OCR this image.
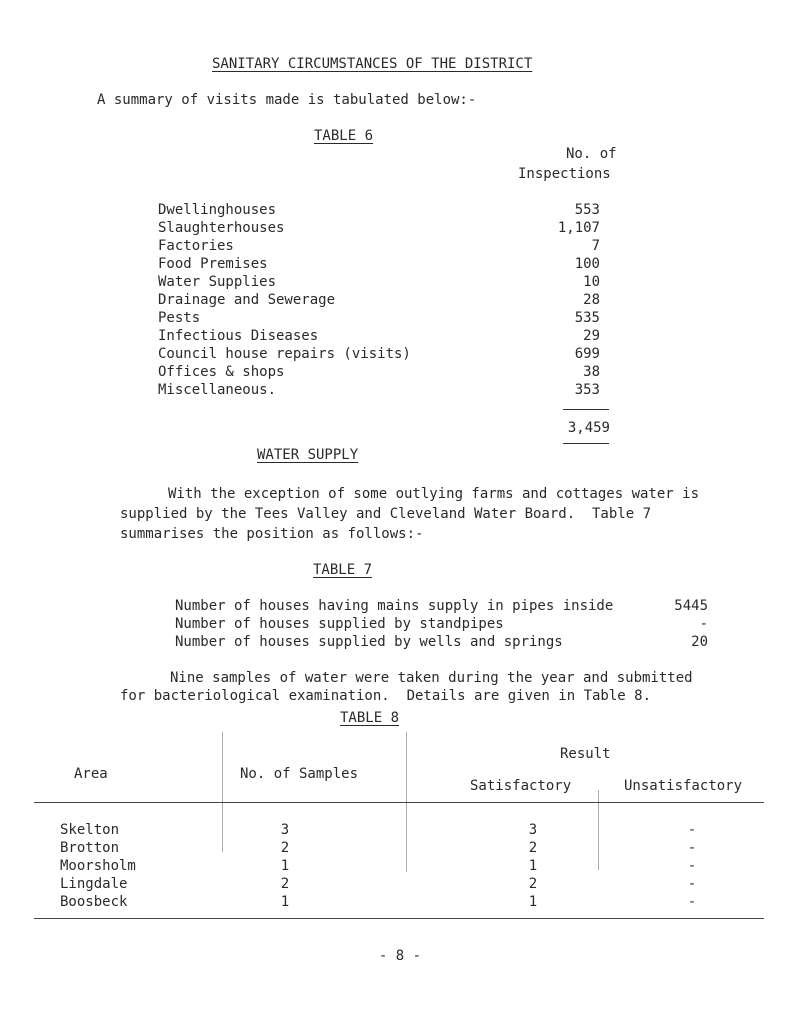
SANITARY CIRCUMSTANCES OF THE DISTRICT
A summary of visits made is tabulated below:-
TABLE 6
No. of
Inspections
Dwellinghouses	553
Slaughterhouses	1,107
Factories	7
Food Premises	100
Water Supplies	10
Drainage and Sewerage	28
Pests	535
Infectious Diseases	29
Council house repairs (visits)	699
Offices & shops	38
Miscellaneous.	353
3,459
WATER SUPPLY
With the exception of some outlying farms and cottages water is
supplied by the Tees Valley and Cleveland Water Board.  Table 7
summarises the position as follows:-
TABLE 7
Number of houses having mains supply in pipes inside	5445
Number of houses supplied by standpipes	-
Number of houses supplied by wells and springs	20
Nine samples of water were taken during the year and submitted
for bacteriological examination.  Details are given in Table 8.
TABLE 8
Area	No. of Samples
Result
Satisfactory	Unsatisfactory
Skelton	3	3	-
Brotton	2	2	-
Moorsholm	1	1	-
Lingdale	2	2	-
Boosbeck	1	1	-
- 8 -
